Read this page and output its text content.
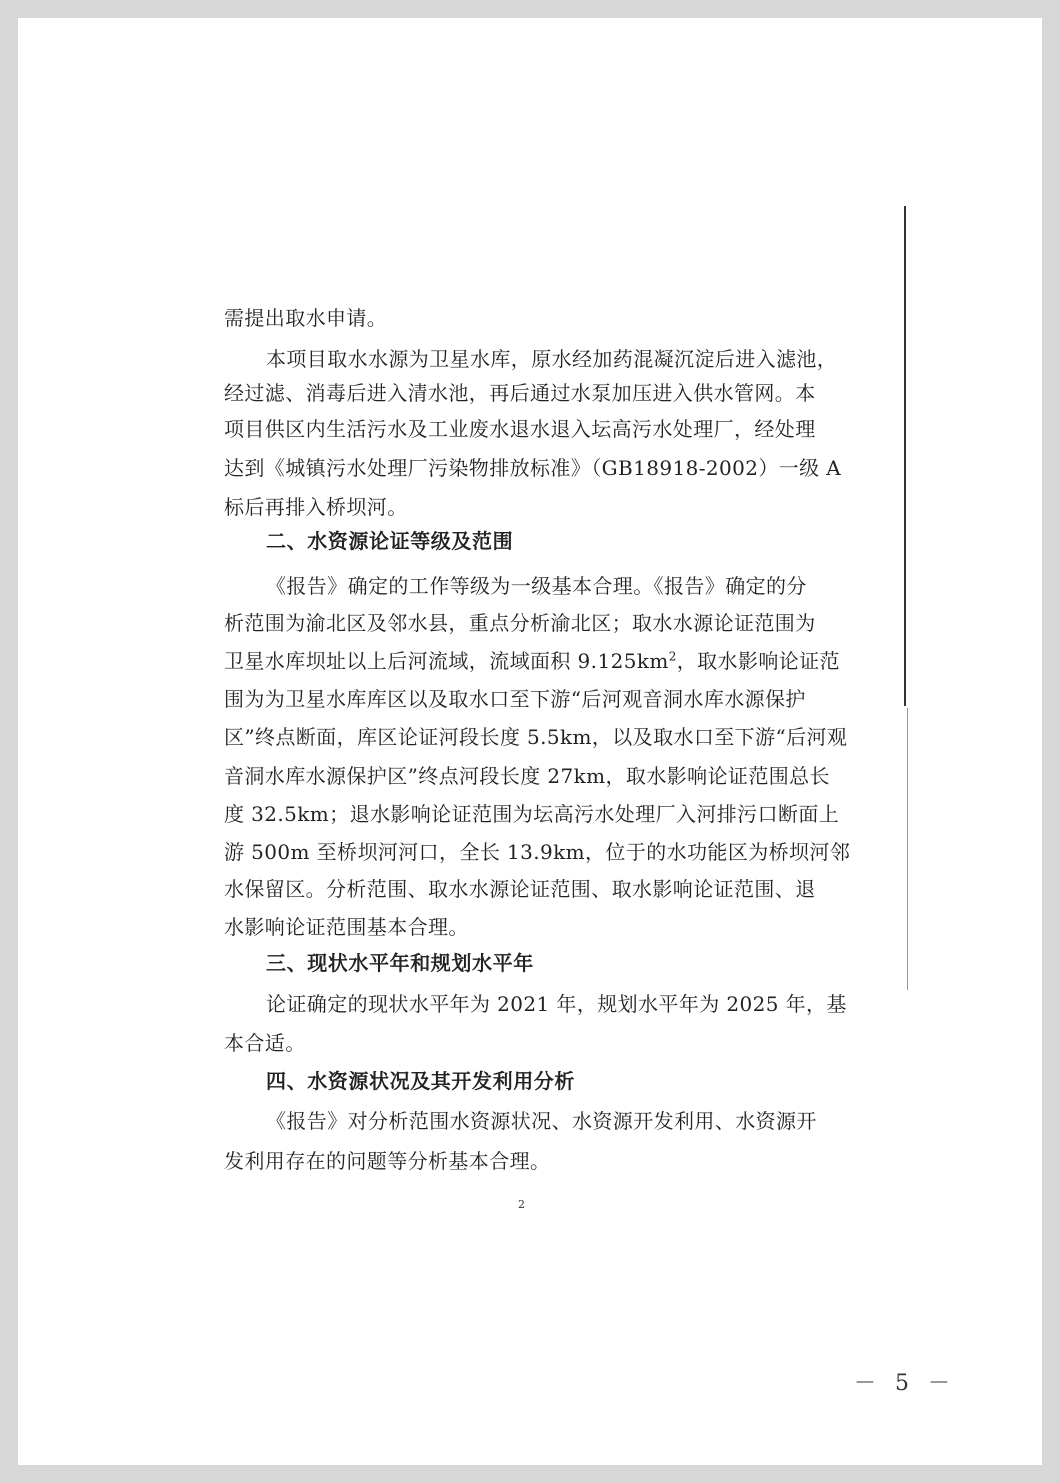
需提出取水申请。
本项目取水水源为卫星水库，原水经加药混凝沉淀后进入滤池，
经过滤、消毒后进入清水池，再后通过水泵加压进入供水管网。本
项目供区内生活污水及工业废水退水退入坛高污水处理厂，经处理
达到《城镇污水处理厂污染物排放标准》（GB18918-2002）一级 A
标后再排入桥坝河。
二、水资源论证等级及范围
《报告》确定的工作等级为一级基本合理。《报告》确定的分
析范围为渝北区及邻水县，重点分析渝北区；取水水源论证范围为
卫星水库坝址以上后河流域，流域面积 $9.125km^2$，取水影响论证范
围为为卫星水库库区以及取水口至下游“后河观音洞水库水源保护
区”终点断面，库区论证河段长度 5.5km，以及取水口至下游“后河观
音洞水库水源保护区”终点河段长度 27km，取水影响论证范围总长
度 32.5km；退水影响论证范围为坛高污水处理厂入河排污口断面上
游 500m 至桥坝河河口，全长 13.9km，位于的水功能区为桥坝河邻
水保留区。分析范围、取水水源论证范围、取水影响论证范围、退
水影响论证范围基本合理。
三、现状水平年和规划水平年
论证确定的现状水平年为 2021 年，规划水平年为 2025 年，基
本合适。
四、水资源状况及其开发利用分析
《报告》对分析范围水资源状况、水资源开发利用、水资源开
发利用存在的问题等分析基本合理。
2
－ 5 －
